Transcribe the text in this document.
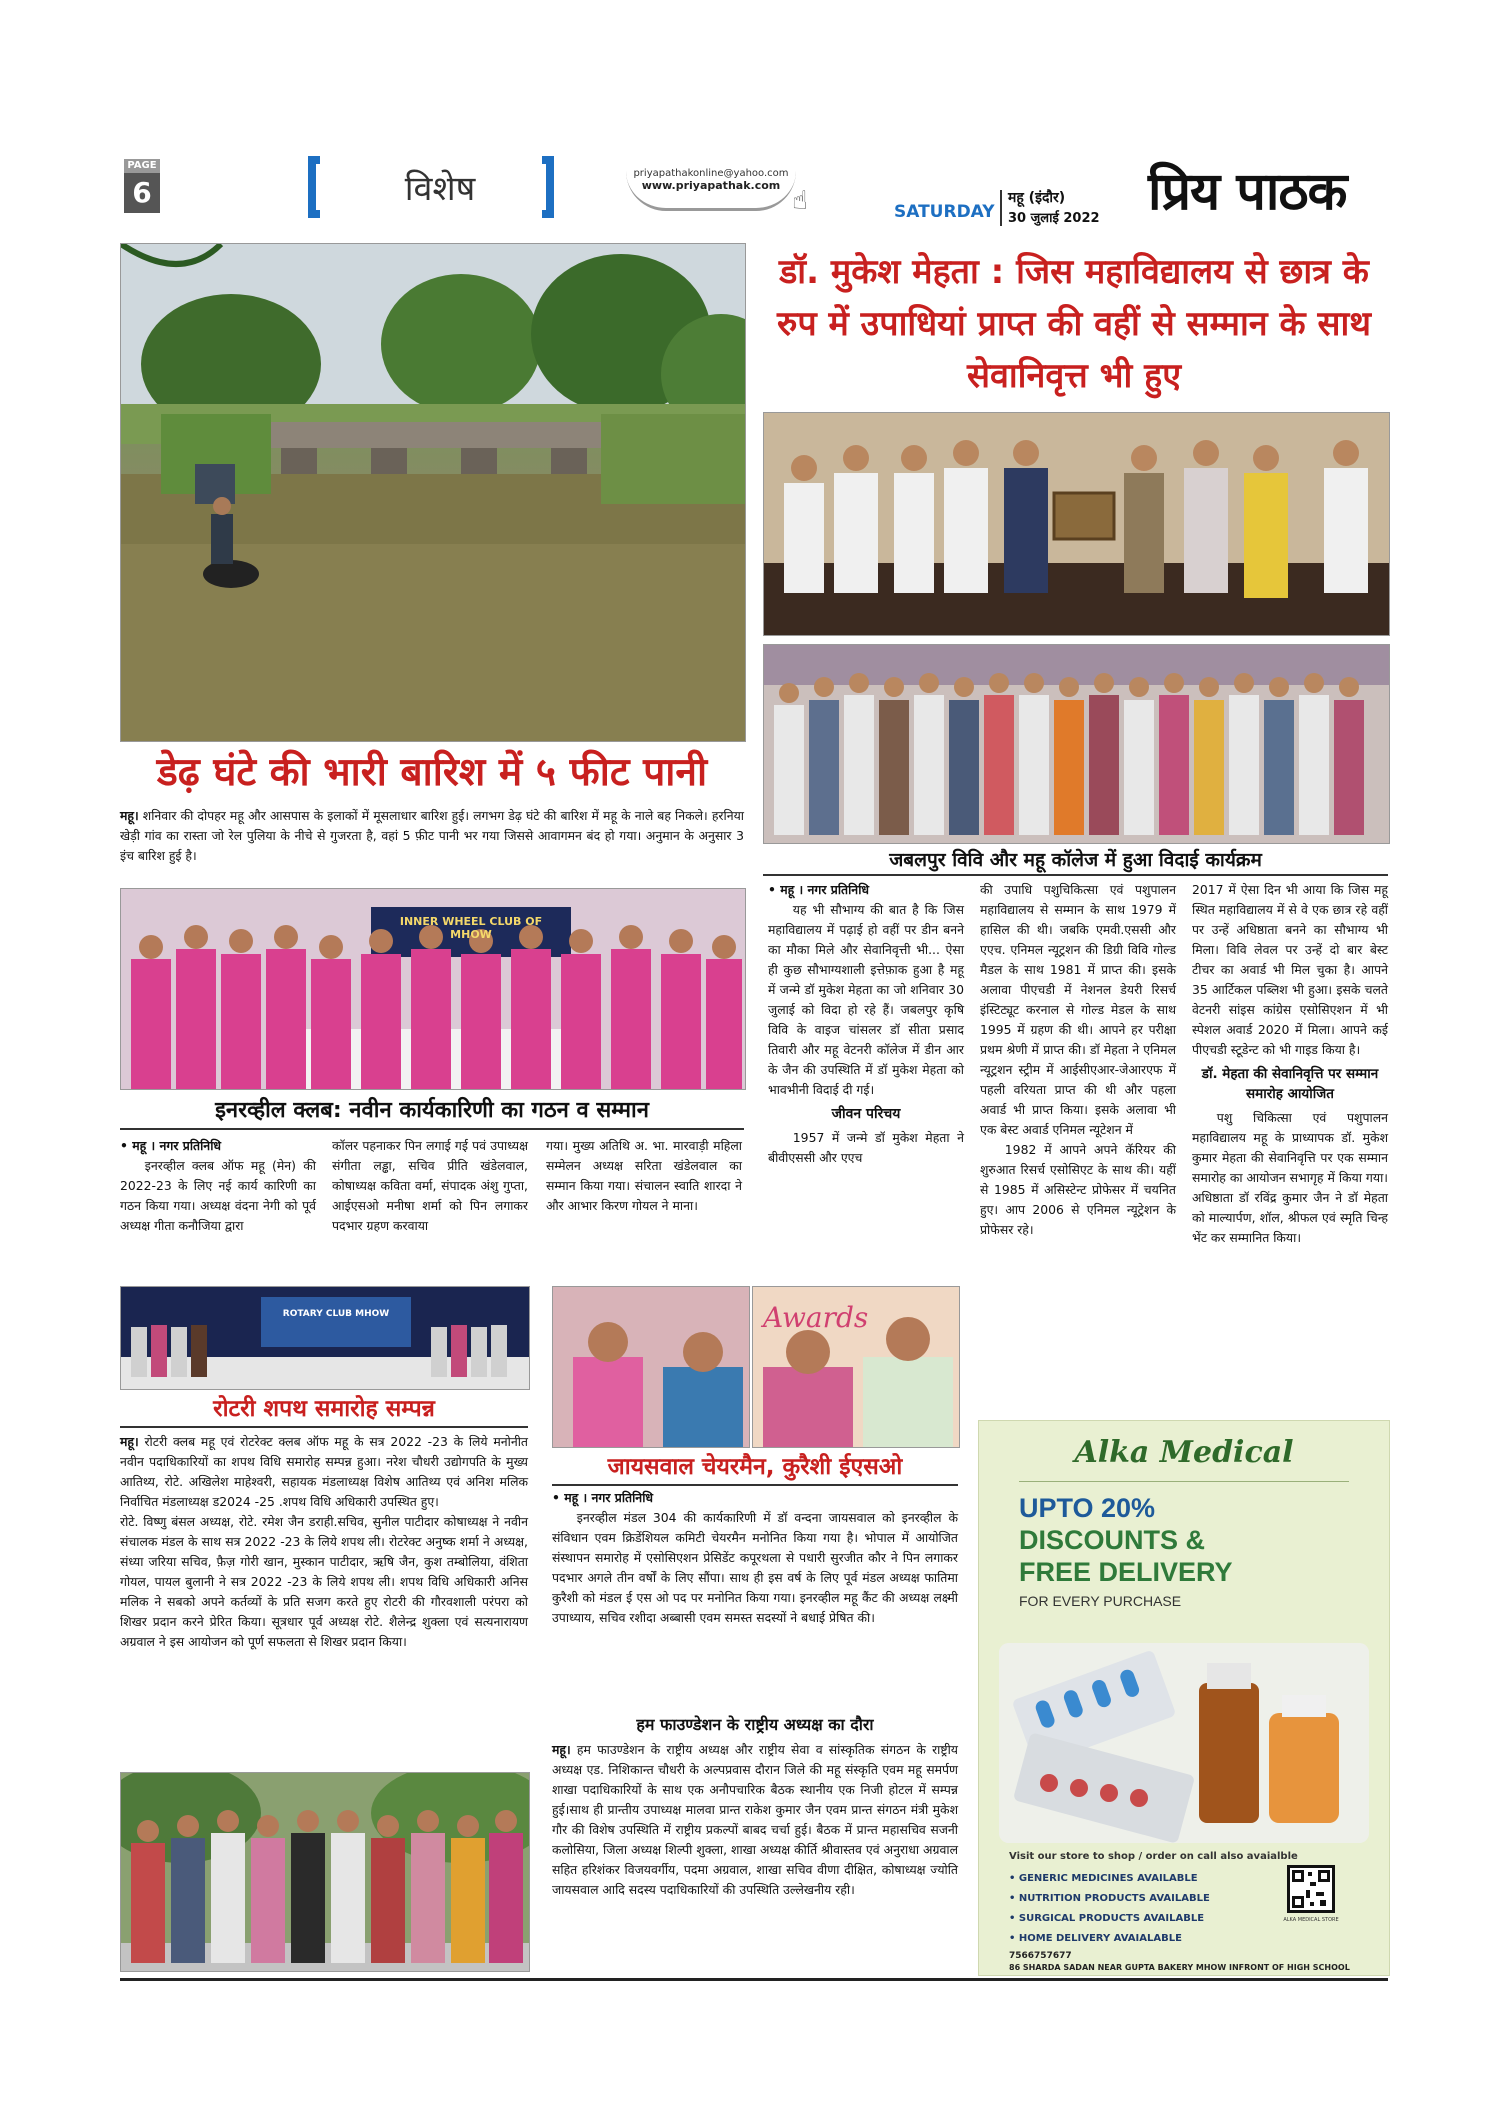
PAGE
6	विशेष	priyapathakonline@yahoo.com
www.priyapathak.com
☝	SATURDAY
महू (इंदौर)
30 जुलाई 2022 प्रिय पाठक
डेढ़ घंटे की भारी बारिश में ५ फीट पानी

महू। शनिवार की दोपहर महू और आसपास के इलाकों में मूसलाधार बारिश हुई। लगभग डेढ़ घंटे की बारिश में महू के नाले बह निकले। हरनिया खेड़ी गांव का रास्ता जो रेल पुलिया के नीचे से गुजरता है, वहां 5 फ़ीट पानी भर गया जिससे आवागमन बंद हो गया। अनुमान के अनुसार 3 इंच बारिश हुई है।

डॉ. मुकेश मेहता : जिस महाविद्यालय से छात्र के रुप में उपाधियां प्राप्त की वहीं से सम्मान के साथ सेवानिवृत्त भी हुए
जबलपुर विवि और महू कॉलेज में हुआ विदाई कार्यक्रम

• महू । नगर प्रतिनिधि

यह भी सौभाग्य की बात है कि जिस महाविद्यालय में पढ़ाई हो वहीं पर डीन बनने का मौका मिले और सेवानिवृत्ती भी... ऐसा ही कुछ सौभाग्यशाली इत्तेफ़ाक हुआ है महू में जन्मे डॉ मुकेश मेहता का जो शनिवार 30 जुलाई को विदा हो रहे हैं। जबलपुर कृषि विवि के वाइज चांसलर डॉ सीता प्रसाद तिवारी और महू वेटनरी कॉलेज में डीन आर के जैन की उपस्थिति में डॉ मुकेश मेहता को भावभीनी विदाई दी गई।

जीवन परिचय

1957 में जन्मे डॉ मुकेश मेहता ने बीवीएससी और एएच

की उपाधि पशुचिकित्सा एवं पशुपालन महाविद्यालय से सम्मान के साथ 1979 में हासिल की थी। जबकि एमवी.एससी और एएच. एनिमल न्यूट्रशन की डिग्री विवि गोल्ड मैडल के साथ 1981 में प्राप्त की। इसके अलावा पीएचडी में नेशनल डेयरी रिसर्च इंस्टिट्यूट करनाल से गोल्ड मेडल के साथ 1995 में ग्रहण की थी। आपने हर परीक्षा प्रथम श्रेणी में प्राप्त की। डॉ मेहता ने एनिमल न्यूट्रशन स्ट्रीम में आईसीएआर-जेआरएफ में पहली वरियता प्राप्त की थी और पहला अवार्ड भी प्राप्त किया। इसके अलावा भी एक बेस्ट अवार्ड एनिमल न्यूटेशन में

1982 में आपने अपने कॅरियर की शुरुआत रिसर्च एसोसिएट के साथ की। यहीं से 1985 में असिस्टेन्ट प्रोफेसर में चयनित हुए। आप 2006 से एनिमल न्यूट्रेशन के प्रोफेसर रहे।

2017 में ऐसा दिन भी आया कि जिस महू स्थित महाविद्यालय में से वे एक छात्र रहे वहीं पर उन्हें अधिष्ठाता बनने का सौभाग्य भी मिला। विवि लेवल पर उन्हें दो बार बेस्ट टीचर का अवार्ड भी मिल चुका है। आपने 35 आर्टिकल पब्लिश भी हुआ। इसके चलते वेटनरी सांइस कांग्रेस एसोसिएशन में भी स्पेशल अवार्ड 2020 में मिला। आपने कई पीएचडी स्टूडेन्ट को भी गाइड किया है।

डॉ. मेहता की सेवानिवृत्ति पर सम्मान समारोह आयोजित

पशु चिकित्सा एवं पशुपालन महाविद्यालय महू के प्राध्यापक डॉ. मुकेश कुमार मेहता की सेवानिवृत्ति पर एक सम्मान समारोह का आयोजन सभागृह में किया गया। अधिष्ठाता डॉ रविंद्र कुमार जैन ने डॉ मेहता को माल्यार्पण, शॉल, श्रीफल एवं स्मृति चिन्ह भेंट कर सम्मानित किया।

INNER WHEEL CLUB OF MHOW
इनरव्हील क्लब: नवीन कार्यकारिणी का गठन व सम्मान

• महू । नगर प्रतिनिधि

इनरव्हील क्लब ऑफ महू (मेन) की 2022-23 के लिए नई कार्य कारिणी का गठन किया गया। अध्यक्ष वंदना नेगी को पूर्व अध्यक्ष गीता कनौजिया द्वारा

कॉलर पहनाकर पिन लगाई गई पवं उपाध्यक्ष संगीता लड्ढा, सचिव प्रीति खंडेलवाल, कोषाध्यक्ष कविता वर्मा, संपादक अंशु गुप्ता, आईएसओ मनीषा शर्मा को पिन लगाकर पदभार ग्रहण करवाया

गया। मुख्य अतिथि अ. भा. मारवाड़ी महिला सम्मेलन अध्यक्ष सरिता खंडेलवाल का सम्मान किया गया। संचालन स्वाति शारदा ने और आभार किरण गोयल ने माना।

ROTARY CLUB MHOW
रोटरी शपथ समारोह सम्पन्न

महू। रोटरी क्लब महू एवं रोटरेक्ट क्लब ऑफ महू के सत्र 2022 -23 के लिये मनोनीत नवीन पदाधिकारियों का शपथ विधि समारोह सम्पन्न हुआ। नरेश चौधरी उद्योगपति के मुख्य आतिथ्य, रोटे. अखिलेश माहेश्वरी, सहायक मंडलाध्यक्ष विशेष आतिथ्य एवं अनिश मलिक निर्वाचित मंडलाध्यक्ष ड2024 -25 .शपथ विधि अधिकारी उपस्थित हुए।

रोटे. विष्णु बंसल अध्यक्ष, रोटे. रमेश जैन डराही.सचिव, सुनील पाटीदार कोषाध्यक्ष ने नवीन संचालक मंडल के साथ सत्र 2022 -23 के लिये शपथ ली। रोटरेक्ट अनुष्क शर्मा ने अध्यक्ष, संध्या जरिया सचिव, फ़ैज़ गोरी खान, मुस्कान पाटीदार, ऋषि जैन, कुश तम्बोलिया, वंशिता गोयल, पायल बुलानी ने सत्र 2022 -23 के लिये शपथ ली। शपथ विधि अधिकारी अनिस मलिक ने सबको अपने कर्तव्यों के प्रति सजग करते हुए रोटरी की गौरवशाली परंपरा को शिखर प्रदान करने प्रेरित किया। सूत्रधार पूर्व अध्यक्ष रोटे. शैलेन्द्र शुक्ला एवं सत्यनारायण अग्रवाल ने इस आयोजन को पूर्ण सफलता से शिखर प्रदान किया।

Awards
जायसवाल चेयरमैन, कुरैशी ईएसओ

• महू । नगर प्रतिनिधि

इनरव्हील मंडल 304 की कार्यकारिणी में डॉ वन्दना जायसवाल को इनरव्हील के संविधान एवम क्रिडेंशियल कमिटी चेयरमैन मनोनित किया गया है। भोपाल में आयोजित संस्थापन समारोह में एसोसिएशन प्रेसिडेंट कपूरथला से पधारी सुरजीत कौर ने पिन लगाकर पदभार अगले तीन वर्षों के लिए सौंपा। साथ ही इस वर्ष के लिए पूर्व मंडल अध्यक्ष फातिमा कुरैशी को मंडल ई एस ओ पद पर मनोनित किया गया। इनरव्हील महू कैंट की अध्यक्ष लक्ष्मी उपाध्याय, सचिव रशीदा अब्बासी एवम समस्त सदस्यों ने बधाई प्रेषित की।

हम फाउण्डेशन के राष्ट्रीय अध्यक्ष का दौरा

महू। हम फाउण्डेशन के राष्ट्रीय अध्यक्ष और राष्ट्रीय सेवा व सांस्कृतिक संगठन के राष्ट्रीय अध्यक्ष एड. निशिकान्त चौधरी के अल्पप्रवास दौरान जिले की महू संस्कृति एवम महू समर्पण शाखा पदाधिकारियों के साथ एक अनौपचारिक बैठक स्थानीय एक निजी होटल में सम्पन्न हुई।साथ ही प्रान्तीय उपाध्यक्ष मालवा प्रान्त राकेश कुमार जैन एवम प्रान्त संगठन मंत्री मुकेश गौर की विशेष उपस्थिति में राष्ट्रीय प्रकल्पों बाबद चर्चा हुई। बैठक में प्रान्त महासचिव सजनी कलोसिया, जिला अध्यक्ष शिल्पी शुक्ला, शाखा अध्यक्ष कीर्ति श्रीवास्तव एवं अनुराधा अग्रवाल सहित हरिशंकर विजयवर्गीय, पदमा अग्रवाल, शाखा सचिव वीणा दीक्षित, कोषाध्यक्ष ज्योति जायसवाल आदि सदस्य पदाधिकारियों की उपस्थिति उल्लेखनीय रही।

Alka Medical
UPTO 20%
DISCOUNTS &
FREE DELIVERY
FOR EVERY PURCHASE
Visit our store to shop / order on call also avaialble
• GENERIC MEDICINES AVAILABLE
• NUTRITION PRODUCTS AVAILABLE
• SURGICAL PRODUCTS AVAILABLE
• HOME DELIVERY AVAIALABLE
ALKA MEDICAL STORE
7566757677
86 SHARDA SADAN NEAR GUPTA BAKERY MHOW INFRONT OF HIGH SCHOOL
